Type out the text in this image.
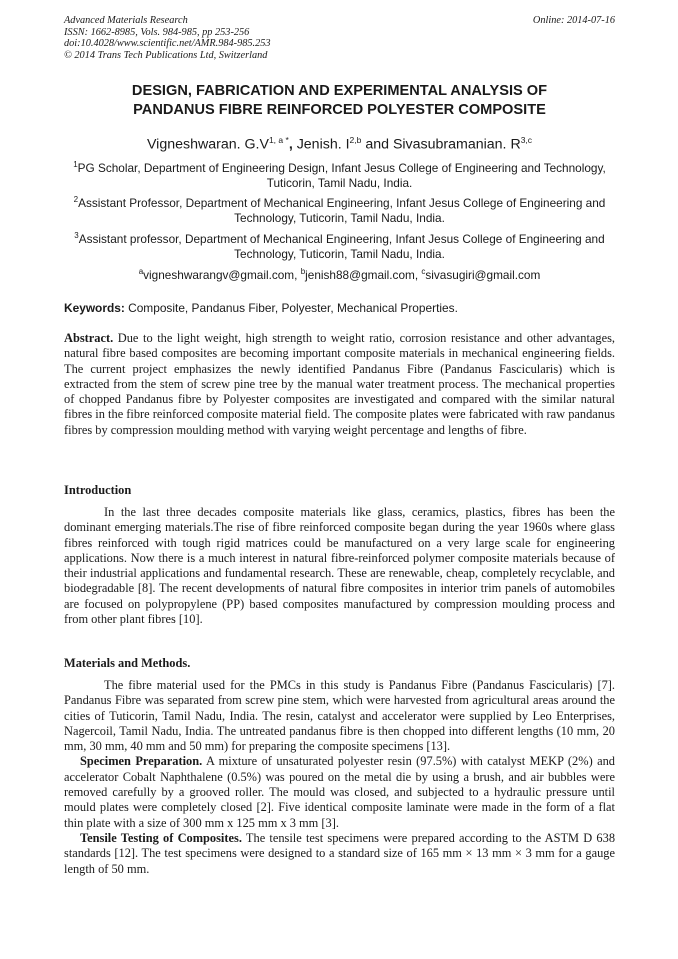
Advanced Materials Research
ISSN: 1662-8985, Vols. 984-985, pp 253-256
doi:10.4028/www.scientific.net/AMR.984-985.253
© 2014 Trans Tech Publications Ltd, Switzerland
Online: 2014-07-16
DESIGN, FABRICATION AND EXPERIMENTAL ANALYSIS OF
PANDANUS FIBRE REINFORCED POLYESTER COMPOSITE
Vigneshwaran. $G.V^{1, a *}$, Jenish. I$^{2,b}$ and Sivasubramanian. R$^{3,c}$
$^1$PG Scholar, Department of Engineering Design, Infant Jesus College of Engineering and Technology, Tuticorin, Tamil Nadu, India.
$^2$Assistant Professor, Department of Mechanical Engineering, Infant Jesus College of Engineering and Technology, Tuticorin, Tamil Nadu, India.
$^3$Assistant professor, Department of Mechanical Engineering, Infant Jesus College of Engineering and Technology, Tuticorin, Tamil Nadu, India.
$^a$vigneshwarangv@gmail.com, $^b$jenish88@gmail.com, $^c$sivasugiri@gmail.com
Keywords: Composite, Pandanus Fiber, Polyester, Mechanical Properties.

Abstract. Due to the light weight, high strength to weight ratio, corrosion resistance and other advantages, natural fibre based composites are becoming important composite materials in mechanical engineering fields. The current project emphasizes the newly identified Pandanus Fibre (Pandanus Fascicularis) which is extracted from the stem of screw pine tree by the manual water treatment process. The mechanical properties of chopped Pandanus fibre by Polyester composites are investigated and compared with the similar natural fibres in the fibre reinforced composite material field. The composite plates were fabricated with raw pandanus fibres by compression moulding method with varying weight percentage and lengths of fibre.

Introduction

In the last three decades composite materials like glass, ceramics, plastics, fibres has been the dominant emerging materials.The rise of fibre reinforced composite began during the year 1960s where glass fibres reinforced with tough rigid matrices could be manufactured on a very large scale for engineering applications. Now there is a much interest in natural fibre-reinforced polymer composite materials because of their industrial applications and fundamental research. These are renewable, cheap, completely recyclable, and biodegradable [8]. The recent developments of natural fibre composites in interior trim panels of automobiles are focused on polypropylene (PP) based composites manufactured by compression moulding process and from other plant fibres [10].

Materials and Methods.

The fibre material used for the PMCs in this study is Pandanus Fibre (Pandanus Fascicularis) [7]. Pandanus Fibre was separated from screw pine stem, which were harvested from agricultural areas around the cities of Tuticorin, Tamil Nadu, India. The resin, catalyst and accelerator were supplied by Leo Enterprises, Nagercoil, Tamil Nadu, India. The untreated pandanus fibre is then chopped into different lengths (10 mm, 20 mm, 30 mm, 40 mm and 50 mm) for preparing the composite specimens [13].

Specimen Preparation. A mixture of unsaturated polyester resin (97.5%) with catalyst MEKP (2%) and accelerator Cobalt Naphthalene (0.5%) was poured on the metal die by using a brush, and air bubbles were removed carefully by a grooved roller. The mould was closed, and subjected to a hydraulic pressure until mould plates were completely closed [2]. Five identical composite laminate were made in the form of a flat thin plate with a size of 300 mm x 125 mm x 3 mm [3].

Tensile Testing of Composites. The tensile test specimens were prepared according to the ASTM D 638 standards [12]. The test specimens were designed to a standard size of 165 mm × 13 mm × 3 mm for a gauge length of 50 mm.
